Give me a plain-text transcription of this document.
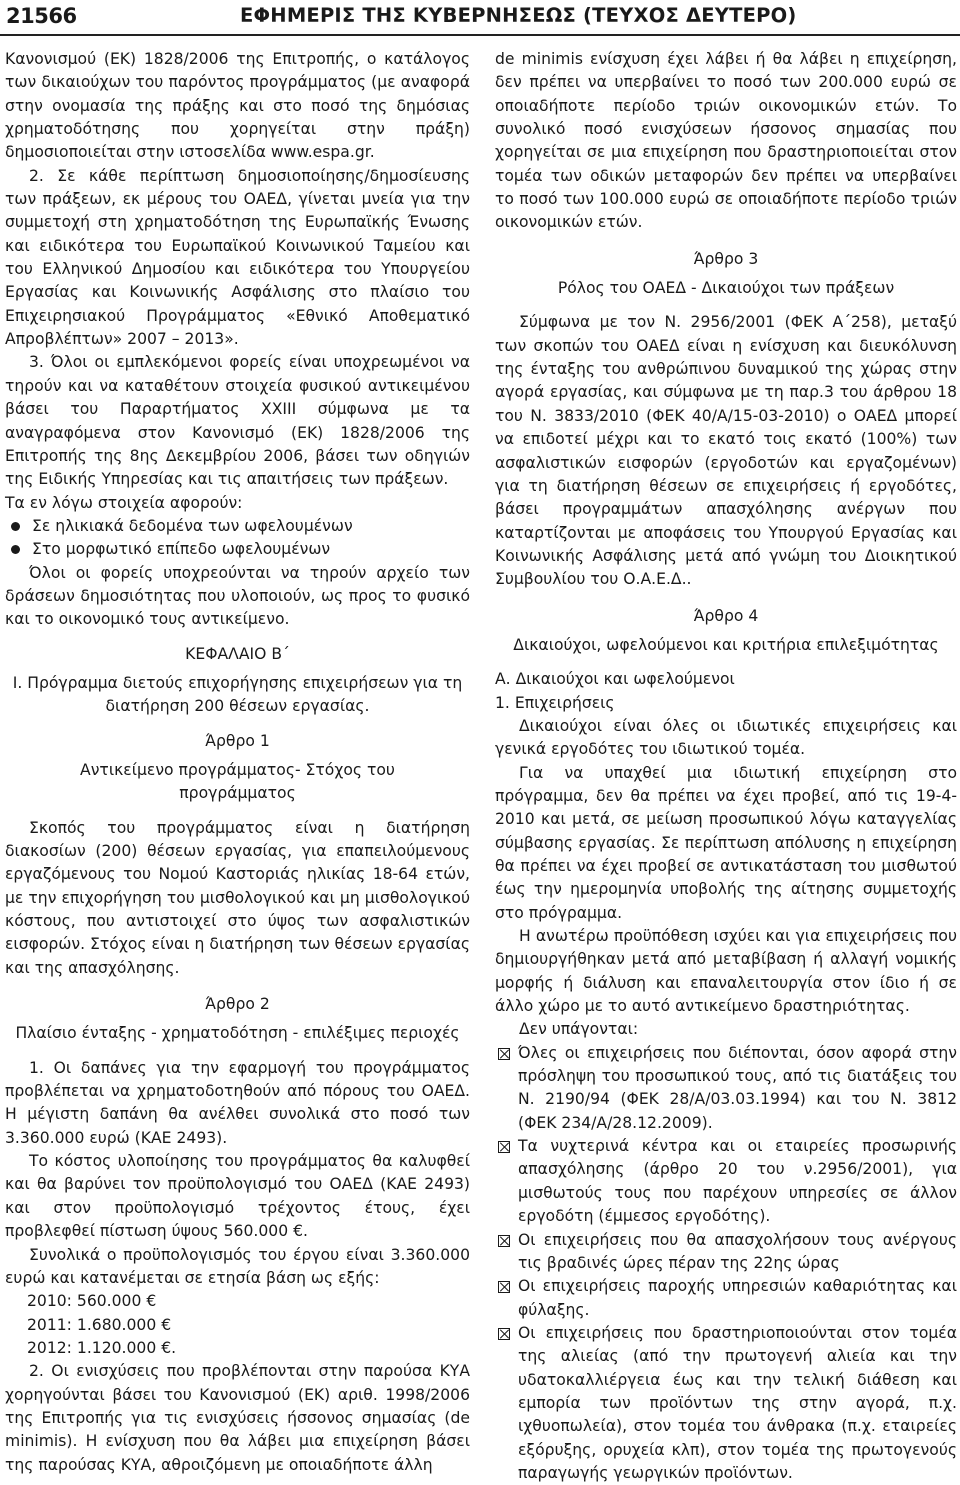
21566	ΕΦΗΜΕΡΙΣ ΤΗΣ ΚΥΒΕΡΝΗΣΕΩΣ (ΤΕΥΧΟΣ ΔΕΥΤΕΡΟ)

Κανονισμού (ΕΚ) 1828/2006 της Επιτροπής, ο κατάλογος των δικαιούχων του παρόντος προγράμματος (με αναφορά στην ονομασία της πράξης και στο ποσό της δημόσιας χρηματοδότησης που χορηγείται στην πράξη) δημοσιοποιείται στην ιστοσελίδα www.espa.gr.

2. Σε κάθε περίπτωση δημοσιοποίησης/δημοσίευσης των πράξεων, εκ μέρους του ΟΑΕΔ, γίνεται μνεία για την συμμετοχή στη χρηματοδότηση της Ευρωπαϊκής Ένωσης και ειδικότερα του Ευρωπαϊκού Κοινωνικού Ταμείου και του Ελληνικού Δημοσίου και ειδικότερα του Υπουργείου Εργασίας και Κοινωνικής Ασφάλισης στο πλαίσιο του Επιχειρησιακού Προγράμματος «Εθνικό Αποθεματικό Απροβλέπτων» 2007 – 2013».

3. Όλοι οι εμπλεκόμενοι φορείς είναι υποχρεωμένοι να τηρούν και να καταθέτουν στοιχεία φυσικού αντικειμένου βάσει του Παραρτήματος XXIII σύμφωνα με τα αναγραφόμενα στον Κανονισμό (ΕΚ) 1828/2006 της Επιτροπής της 8ης Δεκεμβρίου 2006, βάσει των οδηγιών της Ειδικής Υπηρεσίας και τις απαιτήσεις των πράξεων.

Τα εν λόγω στοιχεία αφορούν:

Σε ηλικιακά δεδομένα των ωφελουμένων
Στο μορφωτικό επίπεδο ωφελουμένων

Όλοι οι φορείς υποχρεούνται να τηρούν αρχείο των δράσεων δημοσιότητας που υλοποιούν, ως προς το φυσικό και το οικονομικό τους αντικείμενο.

ΚΕΦΑΛΑΙΟ Β΄

Ι. Πρόγραμμα διετούς επιχορήγησης επιχειρήσεων για τη διατήρηση 200 θέσεων εργασίας.

Άρθρο 1

Αντικείμενο προγράμματος- Στόχος του προγράμματος

Σκοπός του προγράμματος είναι η διατήρηση διακοσίων (200) θέσεων εργασίας, για επαπειλούμενους εργαζόμενους του Νομού Καστοριάς ηλικίας 18-64 ετών, με την επιχορήγηση του μισθολογικού και μη μισθολογικού κόστους, που αντιστοιχεί στο ύψος των ασφαλιστικών εισφορών. Στόχος είναι η διατήρηση των θέσεων εργασίας και της απασχόλησης.

Άρθρο 2

Πλαίσιο ένταξης - χρηματοδότηση - επιλέξιμες περιοχές

1. Οι δαπάνες για την εφαρμογή του προγράμματος προβλέπεται να χρηματοδοτηθούν από πόρους του ΟΑΕΔ. Η μέγιστη δαπάνη θα ανέλθει συνολικά στο ποσό των 3.360.000 ευρώ (ΚΑΕ 2493).

Το κόστος υλοποίησης του προγράμματος θα καλυφθεί και θα βαρύνει τον προϋπολογισμό του ΟΑΕΔ (ΚΑΕ 2493) και στον προϋπολογισμό τρέχοντος έτους, έχει προβλεφθεί πίστωση ύψους 560.000 €.

Συνολικά ο προϋπολογισμός του έργου είναι 3.360.000 ευρώ και κατανέμεται σε ετησία βάση ως εξής:

2010: 560.000 €

2011: 1.680.000 €

2012: 1.120.000 €.

2. Οι ενισχύσεις που προβλέπονται στην παρούσα ΚΥΑ χορηγούνται βάσει του Κανονισμού (ΕΚ) αριθ. 1998/2006 της Επιτροπής για τις ενισχύσεις ήσσονος σημασίας (de minimis). Η ενίσχυση που θα λάβει μια επιχείρηση βάσει της παρούσας ΚΥΑ, αθροιζόμενη με οποιαδήποτε άλλη

de minimis ενίσχυση έχει λάβει ή θα λάβει η επιχείρηση, δεν πρέπει να υπερβαίνει το ποσό των 200.000 ευρώ σε οποιαδήποτε περίοδο τριών οικονομικών ετών. Το συνολικό ποσό ενισχύσεων ήσσονος σημασίας που χορηγείται σε μια επιχείρηση που δραστηριοποιείται στον τομέα των οδικών μεταφορών δεν πρέπει να υπερβαίνει το ποσό των 100.000 ευρώ σε οποιαδήποτε περίοδο τριών οικονομικών ετών.

Άρθρο 3

Ρόλος του ΟΑΕΔ - Δικαιούχοι των πράξεων

Σύμφωνα με τον Ν. 2956/2001 (ΦΕΚ Α΄258), μεταξύ των σκοπών του ΟΑΕΔ είναι η ενίσχυση και διευκόλυνση της ένταξης του ανθρώπινου δυναμικού της χώρας στην αγορά εργασίας, και σύμφωνα με τη παρ.3 του άρθρου 18 του Ν. 3833/2010 (ΦΕΚ 40/Α/15-03-2010) ο ΟΑΕΔ μπορεί να επιδοτεί μέχρι και το εκατό τοις εκατό (100%) των ασφαλιστικών εισφορών (εργοδοτών και εργαζομένων) για τη διατήρηση θέσεων σε επιχειρήσεις ή εργοδότες, βάσει προγραμμάτων απασχόλησης ανέργων που καταρτίζονται με αποφάσεις του Υπουργού Εργασίας και Κοινωνικής Ασφάλισης μετά από γνώμη του Διοικητικού Συμβουλίου του Ο.Α.Ε.Δ..

Άρθρο 4

Δικαιούχοι, ωφελούμενοι και κριτήρια επιλεξιμότητας

Α. Δικαιούχοι και ωφελούμενοι

1. Επιχειρήσεις

Δικαιούχοι είναι όλες οι ιδιωτικές επιχειρήσεις και γενικά εργοδότες του ιδιωτικού τομέα.

Για να υπαχθεί μια ιδιωτική επιχείρηση στο πρόγραμμα, δεν θα πρέπει να έχει προβεί, από τις 19-4-2010 και μετά, σε μείωση προσωπικού λόγω καταγγελίας σύμβασης εργασίας. Σε περίπτωση απόλυσης η επιχείρηση θα πρέπει να έχει προβεί σε αντικατάσταση του μισθωτού έως την ημερομηνία υποβολής της αίτησης συμμετοχής στο πρόγραμμα.

Η ανωτέρω προϋπόθεση ισχύει και για επιχειρήσεις που δημιουργήθηκαν μετά από μεταβίβαση ή αλλαγή νομικής μορφής ή διάλυση και επαναλειτουργία στον ίδιο ή σε άλλο χώρο με το αυτό αντικείμενο δραστηριότητας.

Δεν υπάγονται:

Όλες οι επιχειρήσεις που διέπονται, όσον αφορά στην πρόσληψη του προσωπικού τους, από τις διατάξεις του Ν. 2190/94 (ΦΕΚ 28/Α/03.03.1994) και του Ν. 3812 (ΦΕΚ 234/Α/28.12.2009).
Τα νυχτερινά κέντρα και οι εταιρείες προσωρινής απασχόλησης (άρθρο 20 του ν.2956/2001), για μισθωτούς τους που παρέχουν υπηρεσίες σε άλλον εργοδότη (έμμεσος εργοδότης).
Οι επιχειρήσεις που θα απασχολήσουν τους ανέργους τις βραδινές ώρες πέραν της 22ης ώρας
Οι επιχειρήσεις παροχής υπηρεσιών καθαριότητας και φύλαξης.
Οι επιχειρήσεις που δραστηριοποιούνται στον τομέα της αλιείας (από την πρωτογενή αλιεία και την υδατοκαλλιέργεια έως και την τελική διάθεση και εμπορία των προϊόντων της στην αγορά, π.χ. ιχθυοπωλεία), στον τομέα του άνθρακα (π.χ. εταιρείες εξόρυξης, ορυχεία κλπ), στον τομέα της πρωτογενούς παραγωγής γεωργικών προϊόντων.
